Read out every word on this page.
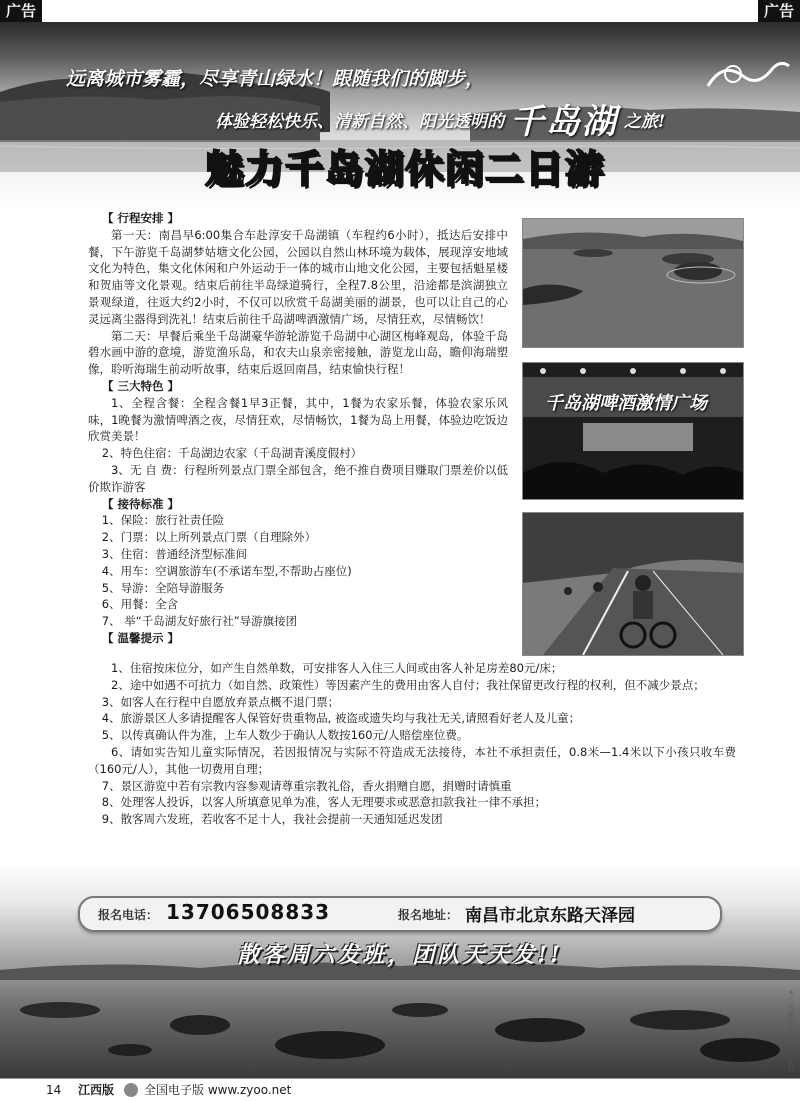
广告	广告
远离城市雾霾，尽享青山绿水！跟随我们的脚步，
体验轻松快乐、清新自然、阳光透明的 千岛湖 之旅!
魅力千岛湖休闲二日游

【 行程安排 】

第一天：南昌早6:00集合车赴淳安千岛湖镇（车程约6小时），抵达后安排中餐，下午游览千岛湖梦姑塘文化公园，公园以自然山林环境为载体，展现淳安地域文化为特色，集文化休闲和户外运动于一体的城市山地文化公园，主要包括魁星楼和贺庙等文化景观。结束后前往半岛绿道骑行，全程7.8公里，沿途都是滨湖独立景观绿道，往返大约2小时，不仅可以欣赏千岛湖美丽的湖景，也可以让自己的心灵远离尘器得到洗礼！结束后前往千岛湖啤酒激情广场，尽情狂欢，尽情畅饮！

第二天：早餐后乘坐千岛湖豪华游轮游览千岛湖中心湖区梅峰观岛，体验千岛碧水画中游的意境，游览渔乐岛，和农夫山泉亲密接触，游览龙山岛，瞻仰海瑞塑像，聆听海瑞生前动听故事，结束后返回南昌，结束愉快行程！

【 三大特色 】

1、全程含餐：全程含餐1早3正餐，其中，1餐为农家乐餐，体验农家乐风味，1晚餐为激情啤酒之夜，尽情狂欢，尽情畅饮，1餐为岛上用餐，体验边吃饭边欣赏美景！

2、特色住宿：千岛湖边农家（千岛湖青溪度假村）

3、无 自 费：行程所列景点门票全部包含，绝不推自费项目赚取门票差价以低价欺诈游客

【 接待标准 】

1、保险：旅行社责任险

2、门票：以上所列景点门票（自理除外）

3、住宿：普通经济型标准间

4、用车：空调旅游车(不承诺车型,不帮助占座位)

5、导游：全陪导游服务

6、用餐：全含

7、 举“千岛湖友好旅行社”导游旗接团

【 温馨提示 】

1、住宿按床位分，如产生自然单数，可安排客人入住三人间或由客人补足房差80元/床；

2、途中如遇不可抗力（如自然、政策性）等因素产生的费用由客人自付；我社保留更改行程的权利，但不减少景点；

3、如客人在行程中自愿放弃景点概不退门票；

4、旅游景区人多请提醒客人保管好贵重物品, 被盗或遗失均与我社无关,请照看好老人及儿童；

5、以传真确认件为准，上车人数少于确认人数按160元/人赔偿座位费。

6、请如实告知儿童实际情况，若因报情况与实际不符造成无法接待，本社不承担责任，0.8米—1.4米以下小孩只收车费（160元/人），其他一切费用自理；

7、景区游览中若有宗教内容参观请尊重宗教礼俗，香火捐赠自愿，捐赠时请慎重

8、处理客人投诉，以客人所填意见单为准，客人无理要求或恶意扣款我社一律不承担；

9、散客周六发班，若收客不足十人，我社会提前一天通知延迟发团

千岛湖啤酒激情广场
报名电话： 13706508833	报名地址： 南昌市北京东路天泽园
散客周六发班，团队天天发!!
本广告图文内容由客户提供
14 江西版 全国电子版 www.zyoo.net
